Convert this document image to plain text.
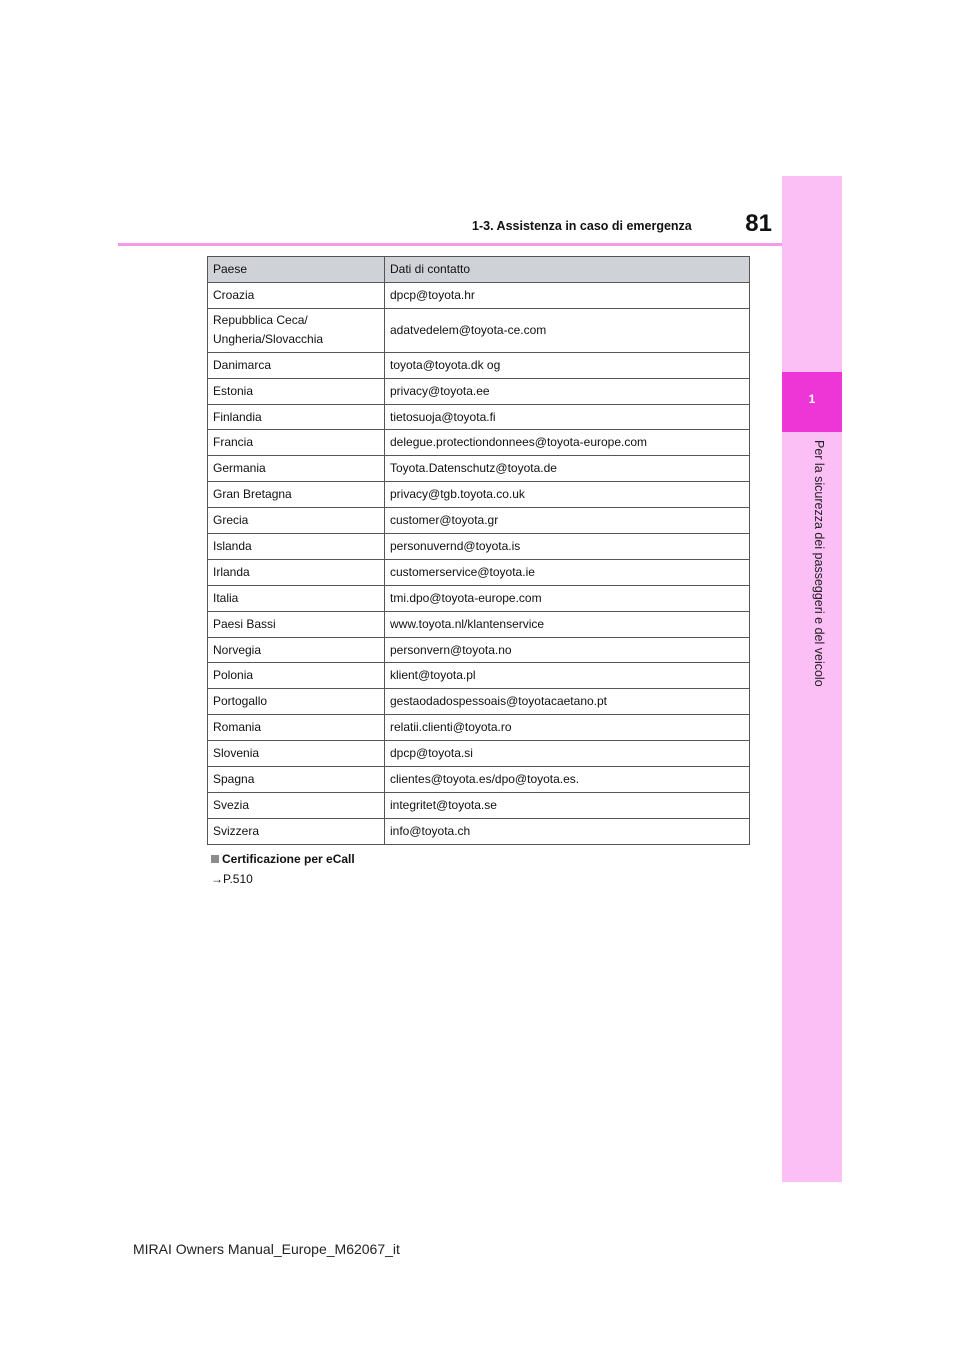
1
Per la sicurezza dei passeggeri e del veicolo
1-3. Assistenza in caso di emergenza 81
Paese	Dati di contatto
Croazia	dpcp@toyota.hr
Repubblica Ceca/
Ungheria/Slovacchia	adatvedelem@toyota-ce.com
Danimarca	toyota@toyota.dk og
Estonia	privacy@toyota.ee
Finlandia	tietosuoja@toyota.fi
Francia	delegue.protectiondonnees@toyota-europe.com
Germania	Toyota.Datenschutz@toyota.de
Gran Bretagna	privacy@tgb.toyota.co.uk
Grecia	customer@toyota.gr
Islanda	personuvernd@toyota.is
Irlanda	customerservice@toyota.ie
Italia	tmi.dpo@toyota-europe.com
Paesi Bassi	www.toyota.nl/klantenservice
Norvegia	personvern@toyota.no
Polonia	klient@toyota.pl
Portogallo	gestaodadospessoais@toyotacaetano.pt
Romania	relatii.clienti@toyota.ro
Slovenia	dpcp@toyota.si
Spagna	clientes@toyota.es/dpo@toyota.es.
Svezia	integritet@toyota.se
Svizzera	info@toyota.ch
Certificazione per eCall
→P.510
MIRAI Owners Manual_Europe_M62067_it
